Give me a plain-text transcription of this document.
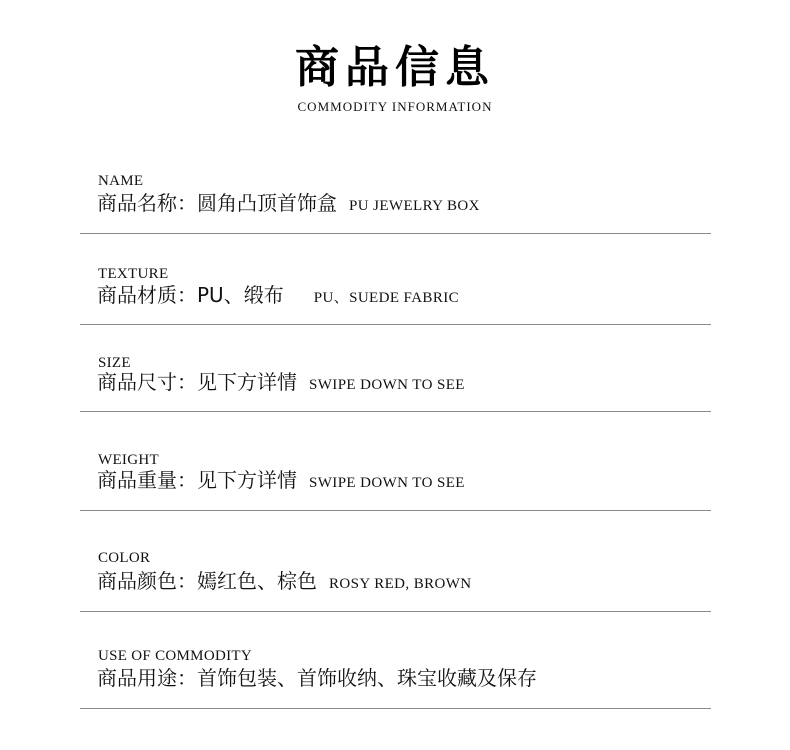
商品信息
COMMODITY INFORMATION
NAME
商品名称：圆角凸顶首饰盒 PU JEWELRY BOX
TEXTURE
商品材质：PU、缎布 PU、SUEDE FABRIC
SIZE
商品尺寸：见下方详情 SWIPE DOWN TO SEE
WEIGHT
商品重量：见下方详情 SWIPE DOWN TO SEE
COLOR
商品颜色：嫣红色、棕色 ROSY RED, BROWN
USE OF COMMODITY
商品用途：首饰包装、首饰收纳、珠宝收藏及保存
